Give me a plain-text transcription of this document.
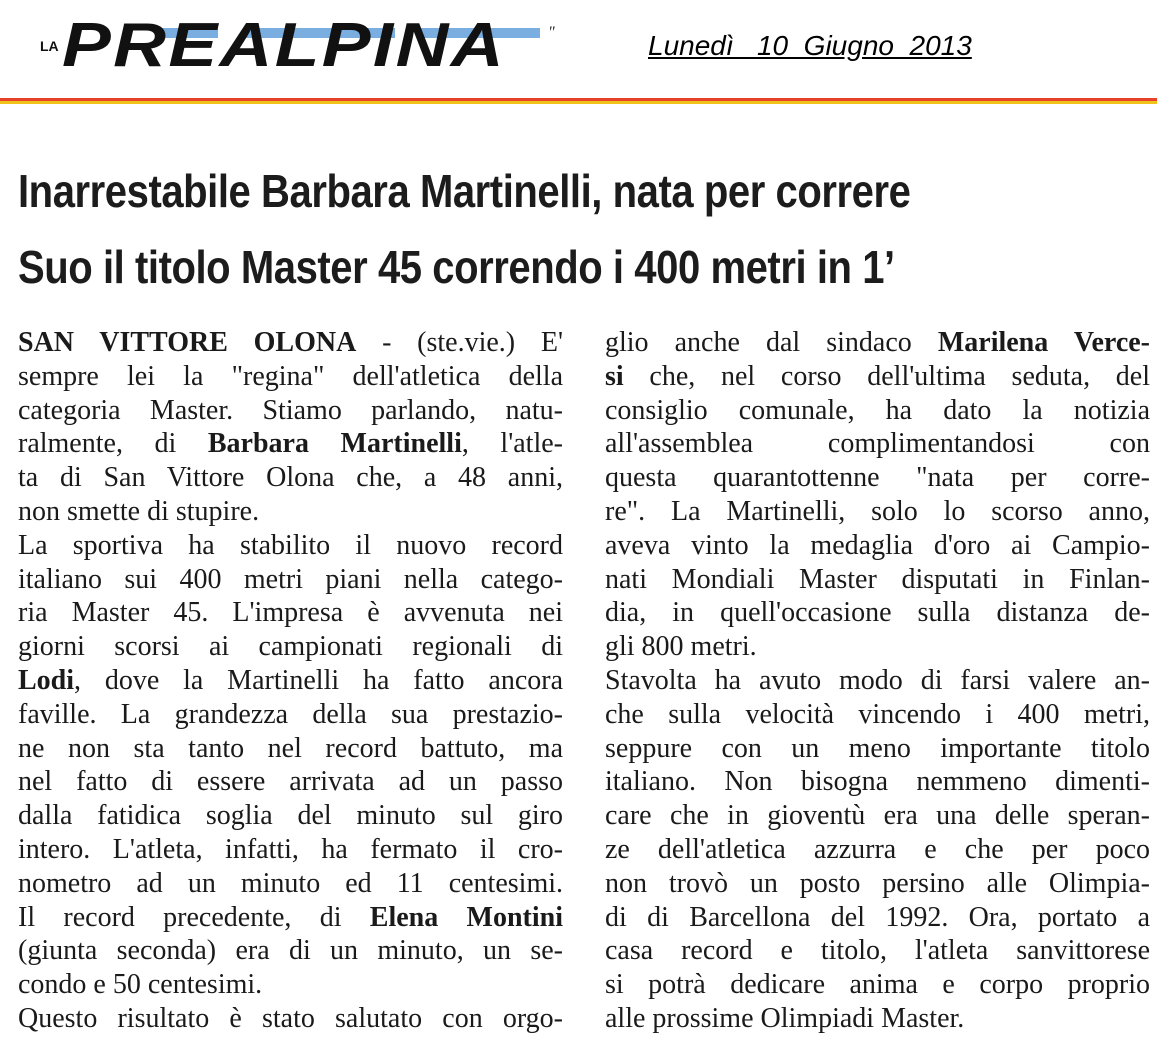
LA PREALPINA	"	Lunedì   10  Giugno  2013
Inarrestabile Barbara Martinelli, nata per correre
Suo il titolo Master 45 correndo i 400 metri in 1’
SAN VITTORE OLONA - (ste.vie.) E'
sempre lei la "regina" dell'atletica della
categoria Master. Stiamo parlando, natu-
ralmente, di Barbara Martinelli, l'atle-
ta di San Vittore Olona che, a 48 anni,
non smette di stupire.
La sportiva ha stabilito il nuovo record
italiano sui 400 metri piani nella catego-
ria Master 45. L'impresa è avvenuta nei
giorni scorsi ai campionati regionali di
Lodi, dove la Martinelli ha fatto ancora
faville. La grandezza della sua prestazio-
ne non sta tanto nel record battuto, ma
nel fatto di essere arrivata ad un passo
dalla fatidica soglia del minuto sul giro
intero. L'atleta, infatti, ha fermato il cro-
nometro ad un minuto ed 11 centesimi.
Il record precedente, di Elena Montini
(giunta seconda) era di un minuto, un se-
condo e 50 centesimi.
Questo risultato è stato salutato con orgo-
glio anche dal sindaco Marilena Verce-
si che, nel corso dell'ultima seduta, del
consiglio comunale, ha dato la notizia
all'assemblea complimentandosi con
questa quarantottenne "nata per corre-
re". La Martinelli, solo lo scorso anno,
aveva vinto la medaglia d'oro ai Campio-
nati Mondiali Master disputati in Finlan-
dia, in quell'occasione sulla distanza de-
gli 800 metri.
Stavolta ha avuto modo di farsi valere an-
che sulla velocità vincendo i 400 metri,
seppure con un meno importante titolo
italiano. Non bisogna nemmeno dimenti-
care che in gioventù era una delle speran-
ze dell'atletica azzurra e che per poco
non trovò un posto persino alle Olimpia-
di di Barcellona del 1992. Ora, portato a
casa record e titolo, l'atleta sanvittorese
si potrà dedicare anima e corpo proprio
alle prossime Olimpiadi Master.
